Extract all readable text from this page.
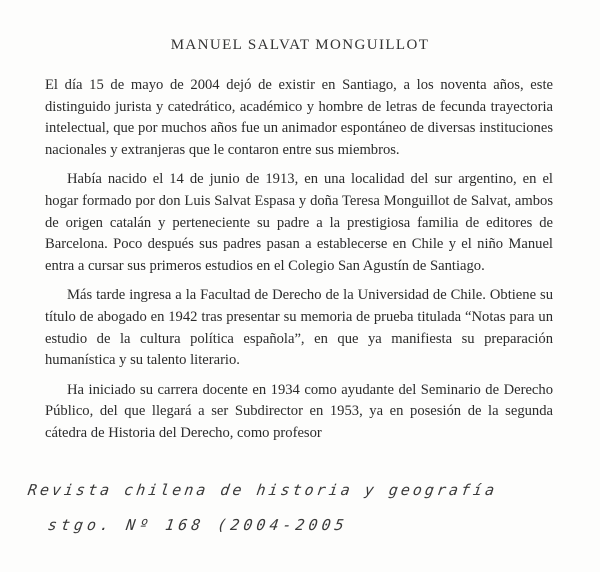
MANUEL SALVAT MONGUILLOT

El día 15 de mayo de 2004 dejó de existir en Santiago, a los noventa años, este distinguido jurista y catedrático, académico y hombre de letras de fecunda trayectoria intelectual, que por muchos años fue un animador espontáneo de diversas instituciones nacionales y extranjeras que le contaron entre sus miembros.

Había nacido el 14 de junio de 1913, en una localidad del sur argentino, en el hogar formado por don Luis Salvat Espasa y doña Teresa Monguillot de Salvat, ambos de origen catalán y perteneciente su padre a la prestigiosa familia de editores de Barcelona. Poco después sus padres pasan a establecerse en Chile y el niño Manuel entra a cursar sus primeros estudios en el Colegio San Agustín de Santiago.

Más tarde ingresa a la Facultad de Derecho de la Universidad de Chile. Obtiene su título de abogado en 1942 tras presentar su memoria de prueba titulada “Notas para un estudio de la cultura política española”, en que ya manifiesta su preparación humanística y su talento literario.

Ha iniciado su carrera docente en 1934 como ayudante del Seminario de Derecho Público, del que llegará a ser Subdirector en 1953, ya en posesión de la segunda cátedra de Historia del Derecho, como profesor

Revista chilena de historia y geografía
stgo. Nº 168 (2004-2005
